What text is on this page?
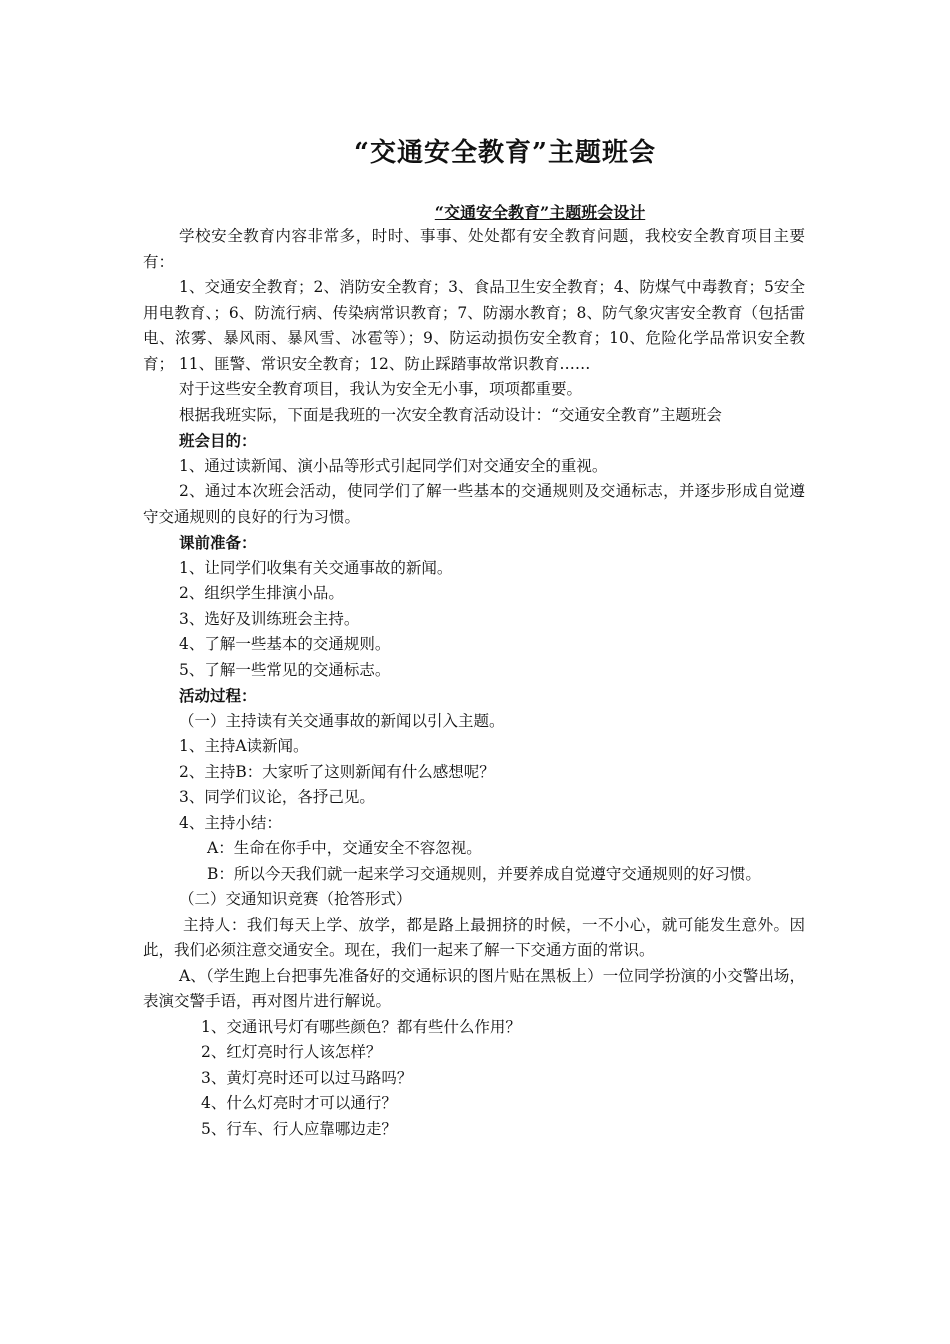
“交通安全教育”主题班会
“交通安全教育”主题班会设计

学校安全教育内容非常多，时时、事事、处处都有安全教育问题，我校安全教育项目主要有：

1、交通安全教育；2、消防安全教育；3、食品卫生安全教育；4、防煤气中毒教育；5安全用电教育、；6、防流行病、传染病常识教育；7、防溺水教育；8、防气象灾害安全教育（包括雷电、浓雾、暴风雨、暴风雪、冰雹等）；9、防运动损伤安全教育；10、危险化学品常识安全教育； 11、匪警、常识安全教育；12、防止踩踏事故常识教育……

对于这些安全教育项目，我认为安全无小事，项项都重要。

根据我班实际，下面是我班的一次安全教育活动设计：“交通安全教育”主题班会

班会目的：

1、通过读新闻、演小品等形式引起同学们对交通安全的重视。

2、通过本次班会活动，使同学们了解一些基本的交通规则及交通标志，并逐步形成自觉遵守交通规则的良好的行为习惯。

课前准备：

1、让同学们收集有关交通事故的新闻。

2、组织学生排演小品。

3、选好及训练班会主持。

4、了解一些基本的交通规则。

5、了解一些常见的交通标志。

活动过程：

（一）主持读有关交通事故的新闻以引入主题。

1、主持A读新闻。

2、主持B：大家听了这则新闻有什么感想呢？

3、同学们议论，各抒己见。

4、主持小结：

A：生命在你手中，交通安全不容忽视。

B：所以今天我们就一起来学习交通规则，并要养成自觉遵守交通规则的好习惯。

（二）交通知识竞赛（抢答形式）

主持人：我们每天上学、放学，都是路上最拥挤的时候，一不小心，就可能发生意外。因此，我们必须注意交通安全。现在，我们一起来了解一下交通方面的常识。

A、（学生跑上台把事先准备好的交通标识的图片贴在黑板上）一位同学扮演的小交警出场，表演交警手语，再对图片进行解说。

1、交通讯号灯有哪些颜色？都有些什么作用？

2、红灯亮时行人该怎样？

3、黄灯亮时还可以过马路吗？

4、什么灯亮时才可以通行？

5、行车、行人应靠哪边走？
